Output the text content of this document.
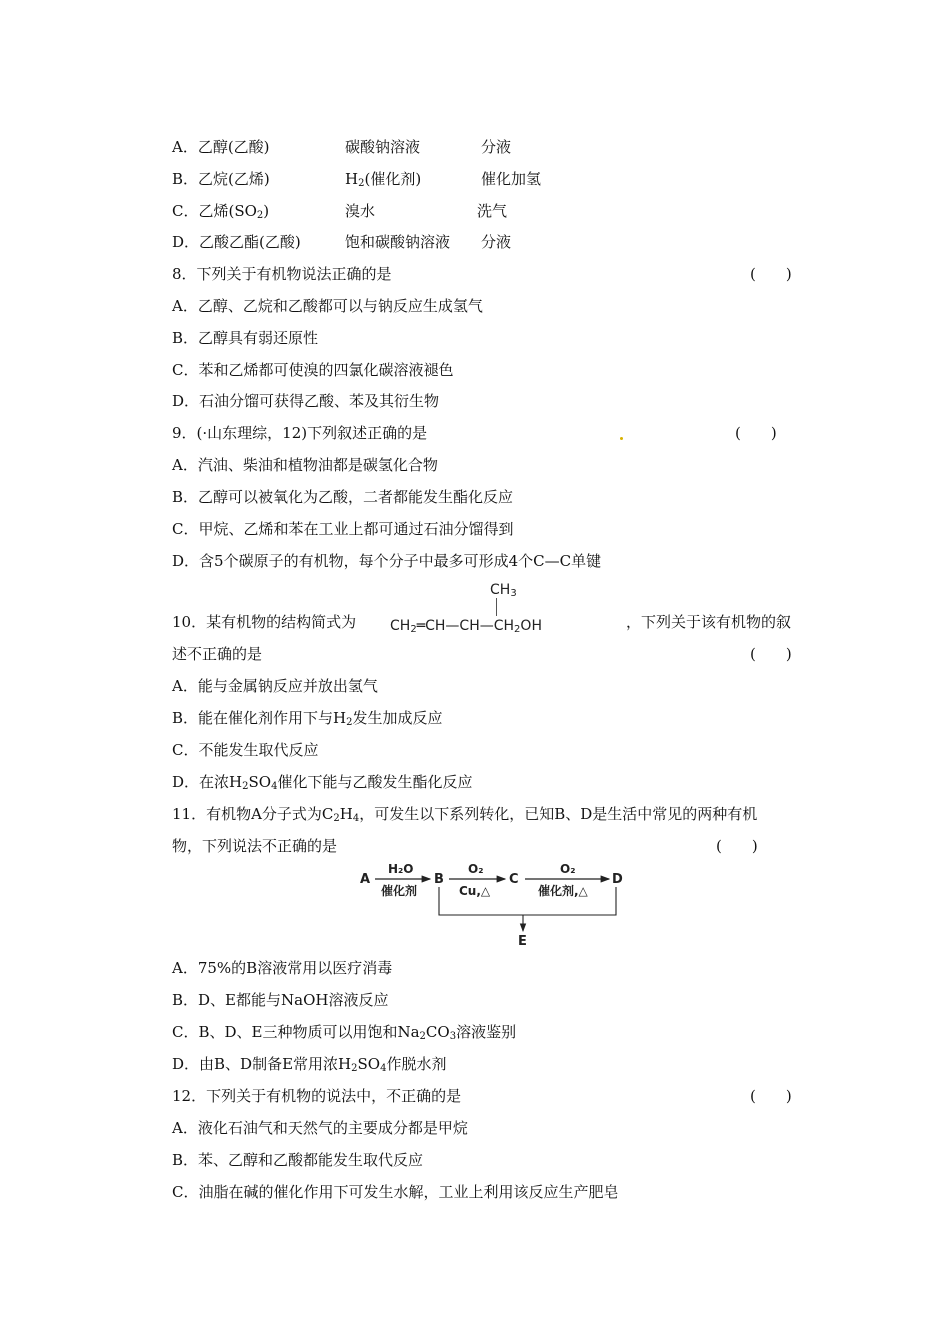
A．乙醇(乙酸)	碳酸钠溶液	分液
B．乙烷(乙烯)	$H_2$(催化剂)	催化加氢
C．乙烯$(SO_2)$	溴水	洗气
D．乙酸乙酯(乙酸)	饱和碳酸钠溶液 分液
8．下列关于有机物说法正确的是	(　　)
A．乙醇、乙烷和乙酸都可以与钠反应生成氢气
B．乙醇具有弱还原性
C．苯和乙烯都可使溴的四氯化碳溶液褪色
D．石油分馏可获得乙酸、苯及其衍生物
9．(·山东理综，12)下列叙述正确的是	(　　)
A．汽油、柴油和植物油都是碳氢化合物
B．乙醇可以被氧化为乙酸，二者都能发生酯化反应
C．甲烷、乙烯和苯在工业上都可通过石油分馏得到
D．含5个碳原子的有机物，每个分子中最多可形成4个C—C单键
10．某有机物的结构简式为
$CH_3$
$CH_2═CH—CH—CH_2OH$	，下列关于该有机物的叙
述不正确的是	(　　)
A．能与金属钠反应并放出氢气
B．能在催化剂作用下与$H_2$发生加成反应
C．不能发生取代反应
D．在浓$H_2SO_4$催化下能与乙酸发生酯化反应
11．有机物A分子式为$C_2H_4$，可发生以下系列转化，已知B、D是生活中常见的两种有机
物，下列说法不正确的是	(　　)
A
H₂O
催化剂
B
O₂
Cu,△
C
O₂
催化剂,△
D
E
A．75%的B溶液常用以医疗消毒
B．D、E都能与NaOH溶液反应
C．B、D、E三种物质可以用饱和$Na_2CO_3$溶液鉴别
D．由B、D制备E常用浓$H_2SO_4$作脱水剂
12．下列关于有机物的说法中，不正确的是	(　　)
A．液化石油气和天然气的主要成分都是甲烷
B．苯、乙醇和乙酸都能发生取代反应
C．油脂在碱的催化作用下可发生水解，工业上利用该反应生产肥皂
